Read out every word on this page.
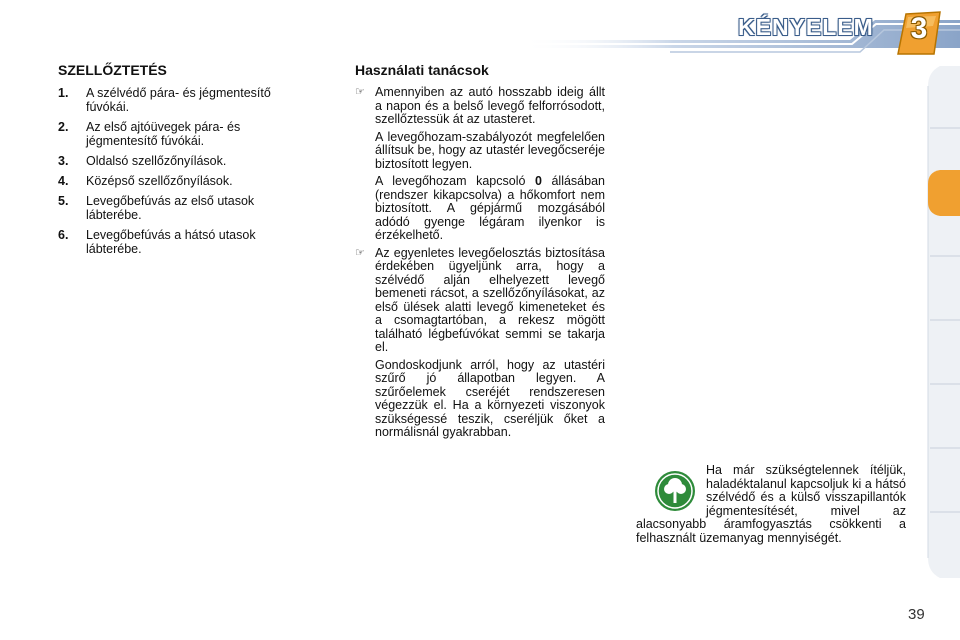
KÉNYELEM	3
SZELLŐZTETÉS
1.	A szélvédő pára- és jégmentesítő fúvókái.
2.	Az első ajtóüvegek pára- és jégmentesítő fúvókái.
3.	Oldalsó szellőzőnyílások.
4.	Középső szellőzőnyílások.
5.	Levegőbefúvás az első utasok lábterébe.
6.	Levegőbefúvás a hátsó utasok lábterébe.
Használati tanácsok
☞ Amennyiben az autó hosszabb ideig állt a napon és a belső levegő felforrósodott, szellőztessük át az utasteret.
A levegőhozam-szabályozót megfelelően állítsuk be, hogy az utastér levegőcseréje biztosított legyen.
A levegőhozam kapcsoló 0 állásában (rendszer kikapcsolva) a hőkomfort nem biztosított. A gépjármű mozgásából adódó gyenge légáram ilyenkor is érzékelhető.
☞ Az egyenletes levegőelosztás biztosítása érdekében ügyeljünk arra, hogy a szélvédő alján elhelyezett levegő bemeneti rácsot, a szellőzőnyílásokat, az első ülések alatti levegő kimeneteket és a csomagtartóban, a rekesz mögött található légbefúvókat semmi se takarja el.
Gondoskodjunk arról, hogy az utastéri szűrő jó állapotban legyen. A szűrőelemek cseréjét rendszeresen végezzük el. Ha a környezeti viszonyok szükségessé teszik, cseréljük őket a normálisnál gyakrabban.
Ha már szükségtelennek ítéljük, haladéktalanul kapcsoljuk ki a hátsó szélvédő és a külső visszapillantók jégmentesítését, mivel az alacsonyabb áramfogyasztás csökkenti a felhasznált üzemanyag mennyiségét.
39
